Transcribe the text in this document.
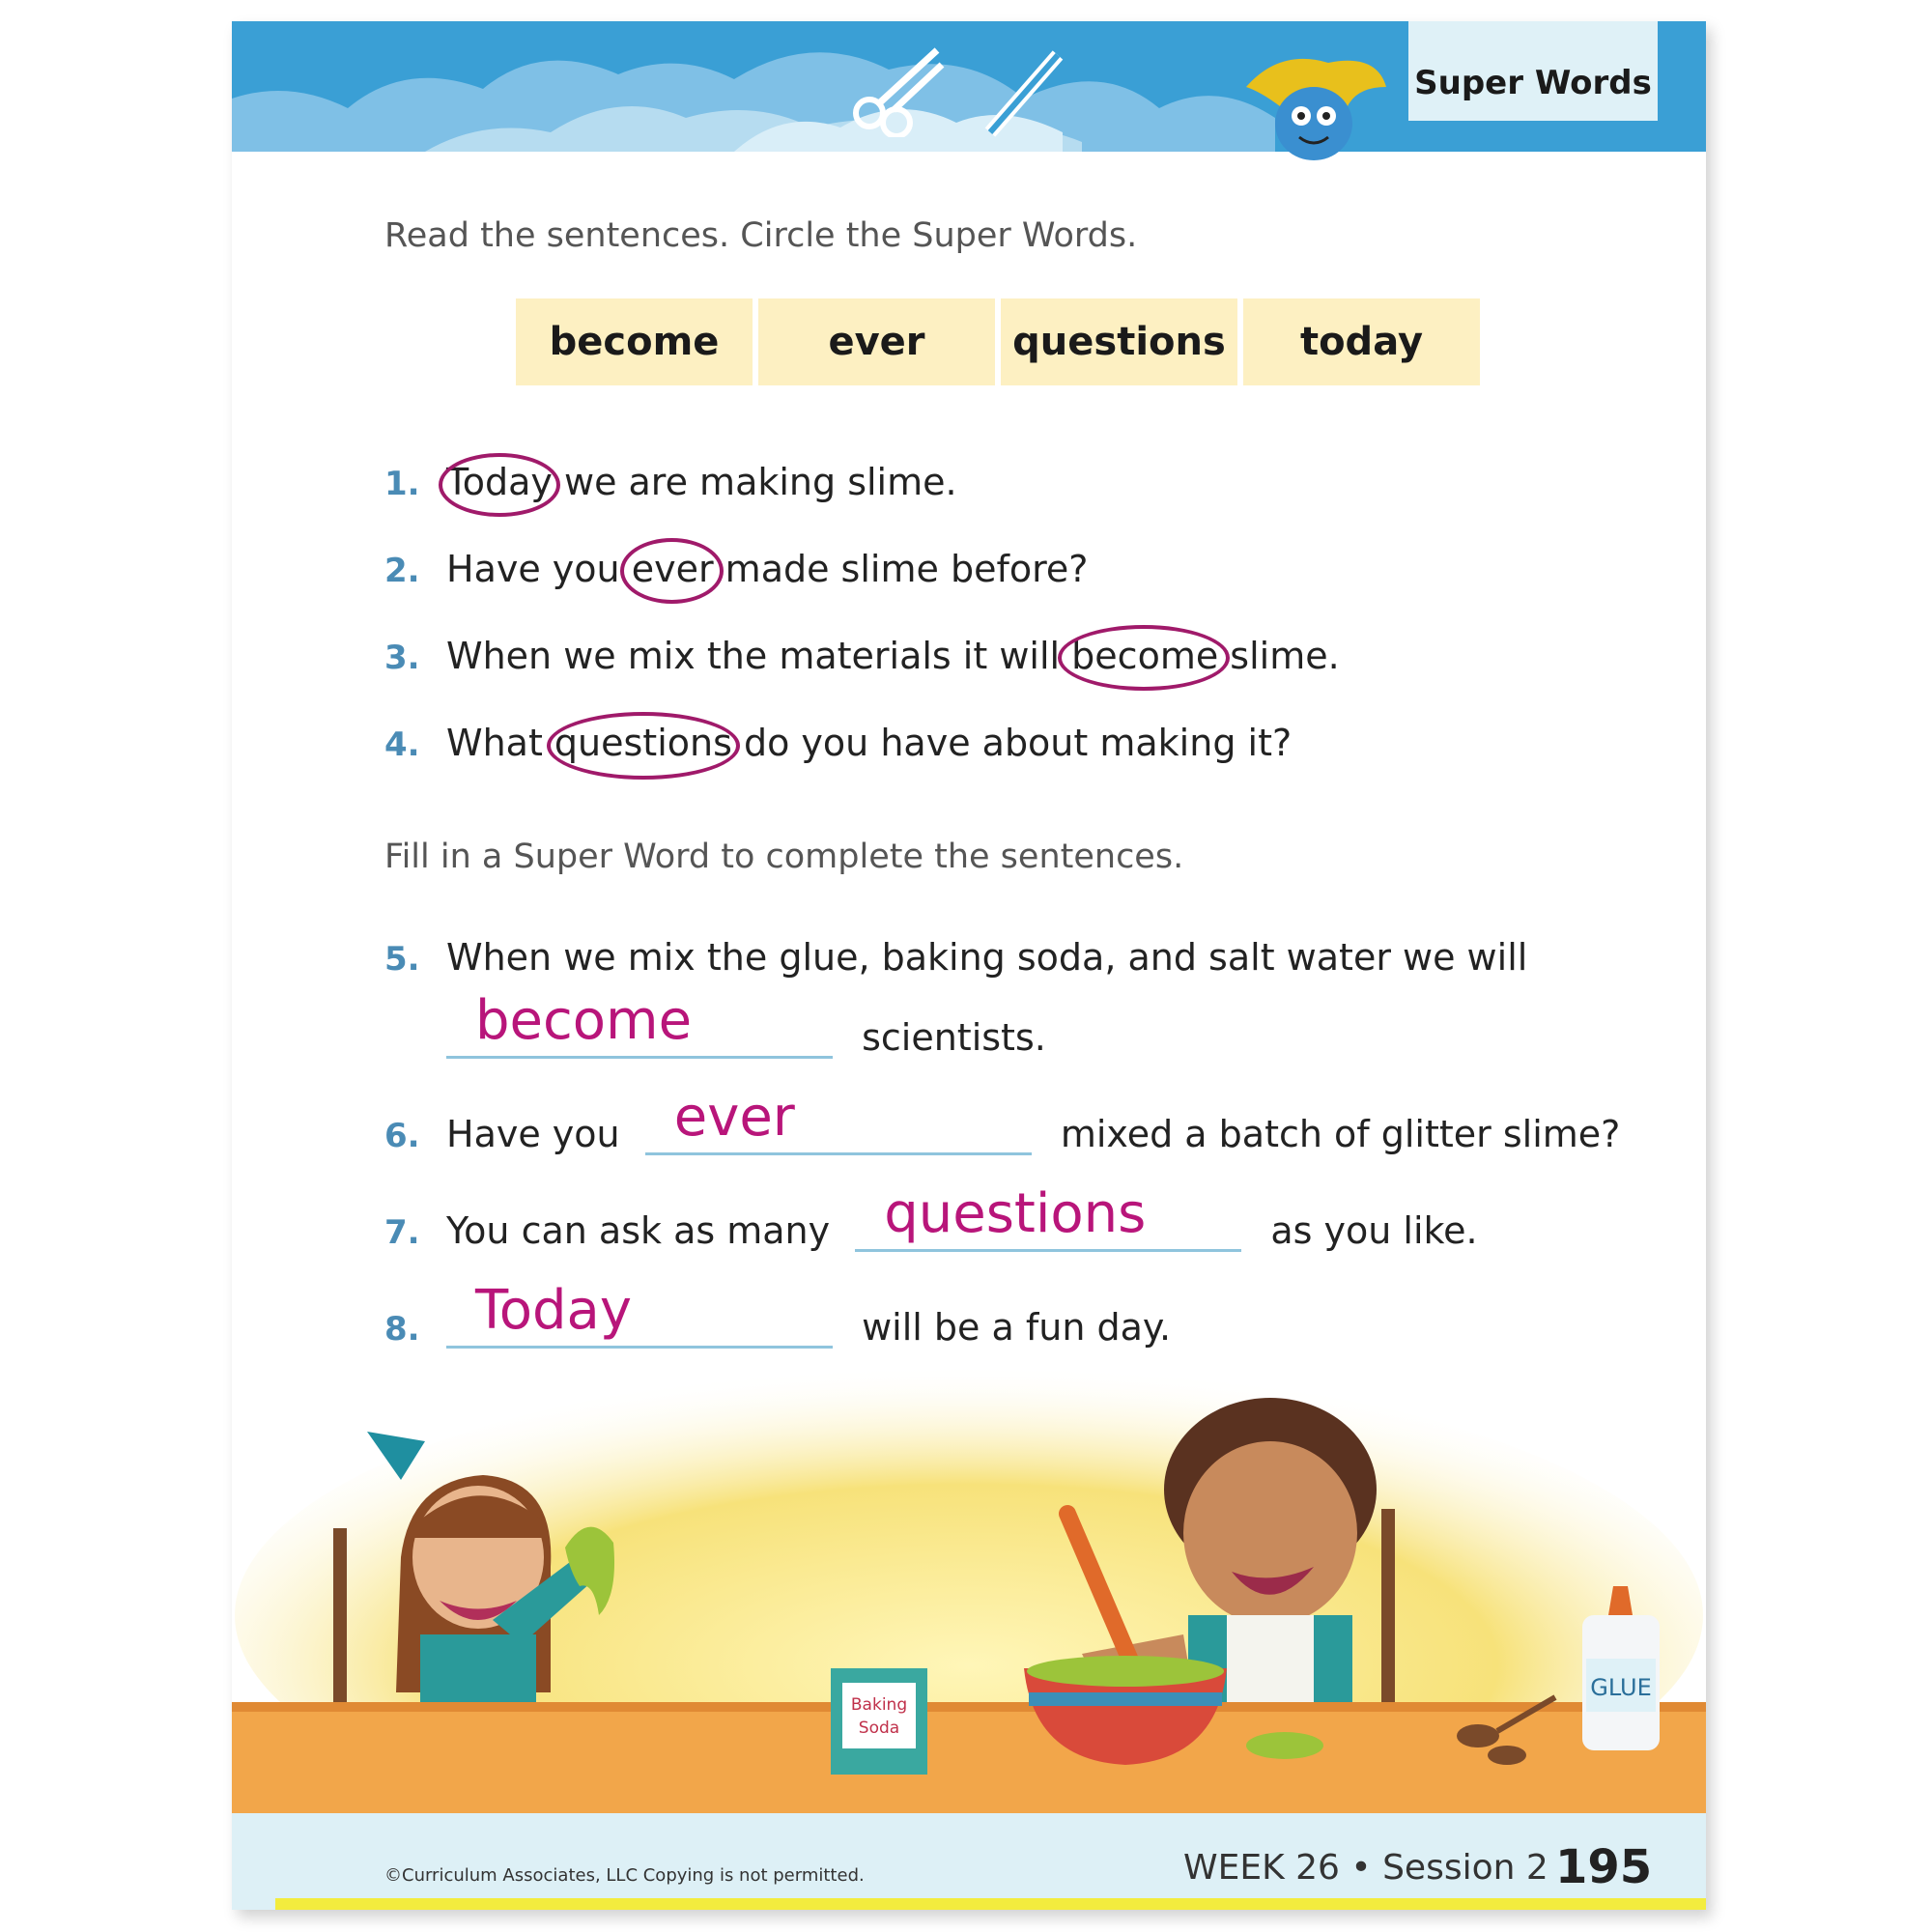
Super Words
Read the sentences. Circle the Super Words.
become	ever	questions	today
1. Today
we are making slime.
2. Have you ever
made slime before?
3. When we mix the materials it will become
slime.
4. What questions
do you have about making it?
Fill in a Super Word to complete the sentences.
5. When we mix the glue, baking soda, and salt water we will
become	scientists.
6. Have you ever	mixed a batch of glitter slime?
7. You can ask as many questions	as you like.
8. Today	will be a fun day.
Baking
Soda
GLUE
©Curriculum Associates, LLC Copying is not permitted.	WEEK 26 • Session 2 195
